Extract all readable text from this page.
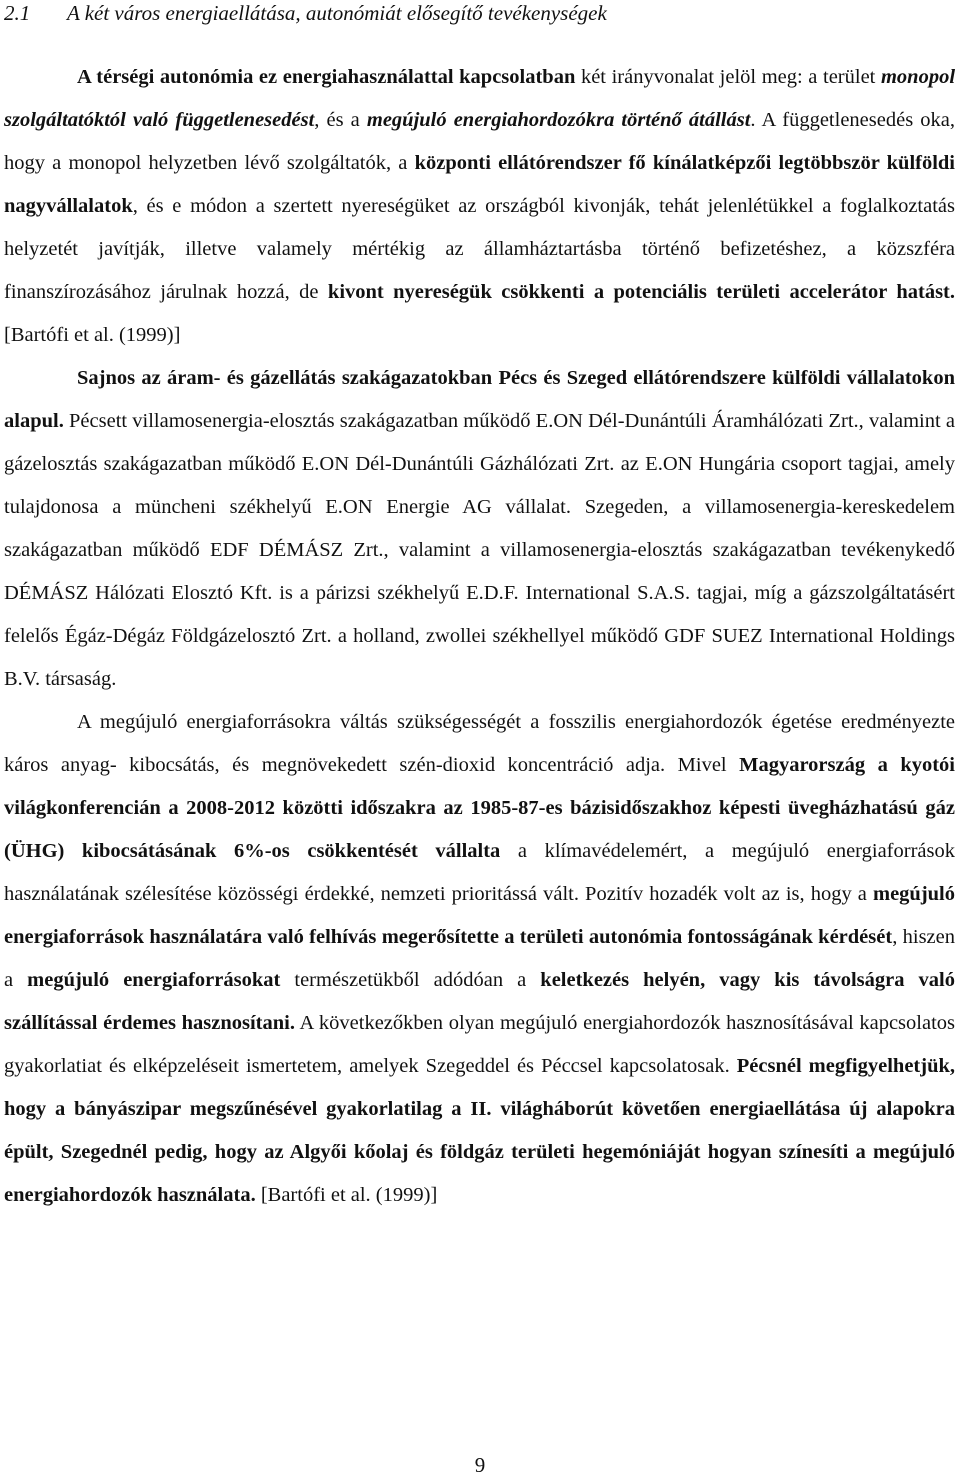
2.1 A két város energiaellátása, autonómiát elősegítő tevékenységek

A térségi autonómia ez energiahasználattal kapcsolatban két irányvonalat jelöl meg: a terület monopol szolgáltatóktól való függetlenesedést, és a megújuló energiahordozókra történő átállást. A függetlenesedés oka, hogy a monopol helyzetben lévő szolgáltatók, a központi ellátórendszer fő kínálatképzői legtöbbször külföldi nagyvállalatok, és e módon a szertett nyereségüket az országból kivonják, tehát jelenlétükkel a foglalkoztatás helyzetét javítják, illetve valamely mértékig az államháztartásba történő befizetéshez, a közszféra finanszírozásához járulnak hozzá, de kivont nyereségük csökkenti a potenciális területi accelerátor hatást. [Bartófi et al. (1999)]

Sajnos az áram- és gázellátás szakágazatokban Pécs és Szeged ellátórendszere külföldi vállalatokon alapul. Pécsett villamosenergia-elosztás szakágazatban működő E.ON Dél-Dunántúli Áramhálózati Zrt., valamint a gázelosztás szakágazatban működő E.ON Dél-Dunántúli Gázhálózati Zrt. az E.ON Hungária csoport tagjai, amely tulajdonosa a müncheni székhelyű E.ON Energie AG vállalat. Szegeden, a villamosenergia-kereskedelem szakágazatban működő EDF DÉMÁSZ Zrt., valamint a villamosenergia-elosztás szakágazatban tevékenykedő DÉMÁSZ Hálózati Elosztó Kft. is a párizsi székhelyű E.D.F. International S.A.S. tagjai, míg a gázszolgáltatásért felelős Égáz-Dégáz Földgázelosztó Zrt. a holland, zwollei székhellyel működő GDF SUEZ International Holdings B.V. társaság.

A megújuló energiaforrásokra váltás szükségességét a fosszilis energiahordozók égetése eredményezte káros anyag- kibocsátás, és megnövekedett szén-dioxid koncentráció adja. Mivel Magyarország a kyotói világkonferencián a 2008-2012 közötti időszakra az 1985-87-es bázisidőszakhoz képesti üvegházhatású gáz (ÜHG) kibocsátásának 6%-os csökkentését vállalta a klímavédelemért, a megújuló energiaforrások használatának szélesítése közösségi érdekké, nemzeti prioritássá vált. Pozitív hozadék volt az is, hogy a megújuló energiaforrások használatára való felhívás megerősítette a területi autonómia fontosságának kérdését, hiszen a megújuló energiaforrásokat természetükből adódóan a keletkezés helyén, vagy kis távolságra való szállítással érdemes hasznosítani. A következőkben olyan megújuló energiahordozók hasznosításával kapcsolatos gyakorlatiat és elképzeléseit ismertetem, amelyek Szegeddel és Péccsel kapcsolatosak. Pécsnél megfigyelhetjük, hogy a bányászipar megszűnésével gyakorlatilag a II. világháborút követően energiaellátása új alapokra épült, Szegednél pedig, hogy az Algyői kőolaj és földgáz területi hegemóniáját hogyan színesíti a megújuló energiahordozók használata. [Bartófi et al. (1999)]

9
